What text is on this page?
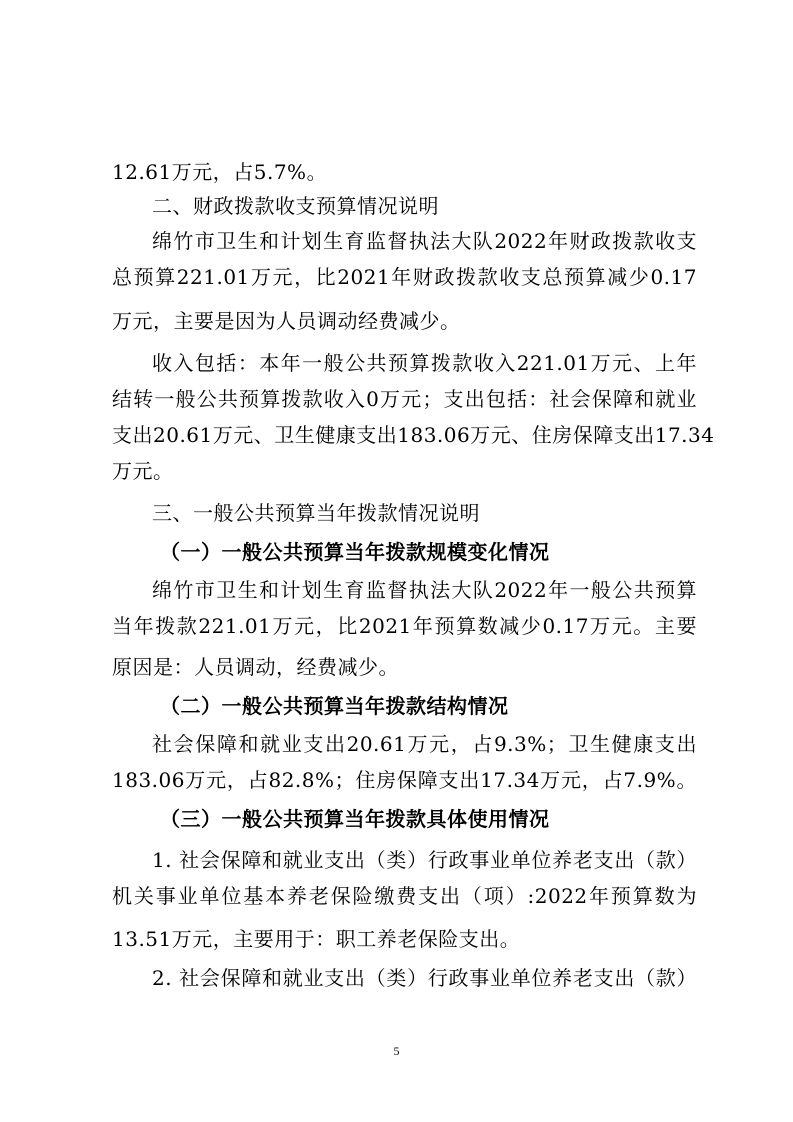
12.61万元，占5.7%。
二、财政拨款收支预算情况说明
绵竹市卫生和计划生育监督执法大队2022年财政拨款收支
总预算221.01万元，比2021年财政拨款收支总预算减少0.17
万元，主要是因为人员调动经费减少。
收入包括：本年一般公共预算拨款收入221.01万元、上年
结转一般公共预算拨款收入0万元；支出包括：社会保障和就业
支出20.61万元、卫生健康支出183.06万元、住房保障支出17.34
万元。
三、一般公共预算当年拨款情况说明
（一）一般公共预算当年拨款规模变化情况
绵竹市卫生和计划生育监督执法大队2022年一般公共预算
当年拨款221.01万元，比2021年预算数减少0.17万元。主要
原因是：人员调动，经费减少。
（二）一般公共预算当年拨款结构情况
社会保障和就业支出20.61万元，占9.3%；卫生健康支出
183.06万元，占82.8%；住房保障支出17.34万元，占7.9%。
（三）一般公共预算当年拨款具体使用情况
1. 社会保障和就业支出（类）行政事业单位养老支出（款）
机关事业单位基本养老保险缴费支出（项）:2022年预算数为
13.51万元，主要用于：职工养老保险支出。
2. 社会保障和就业支出（类）行政事业单位养老支出（款）
5
